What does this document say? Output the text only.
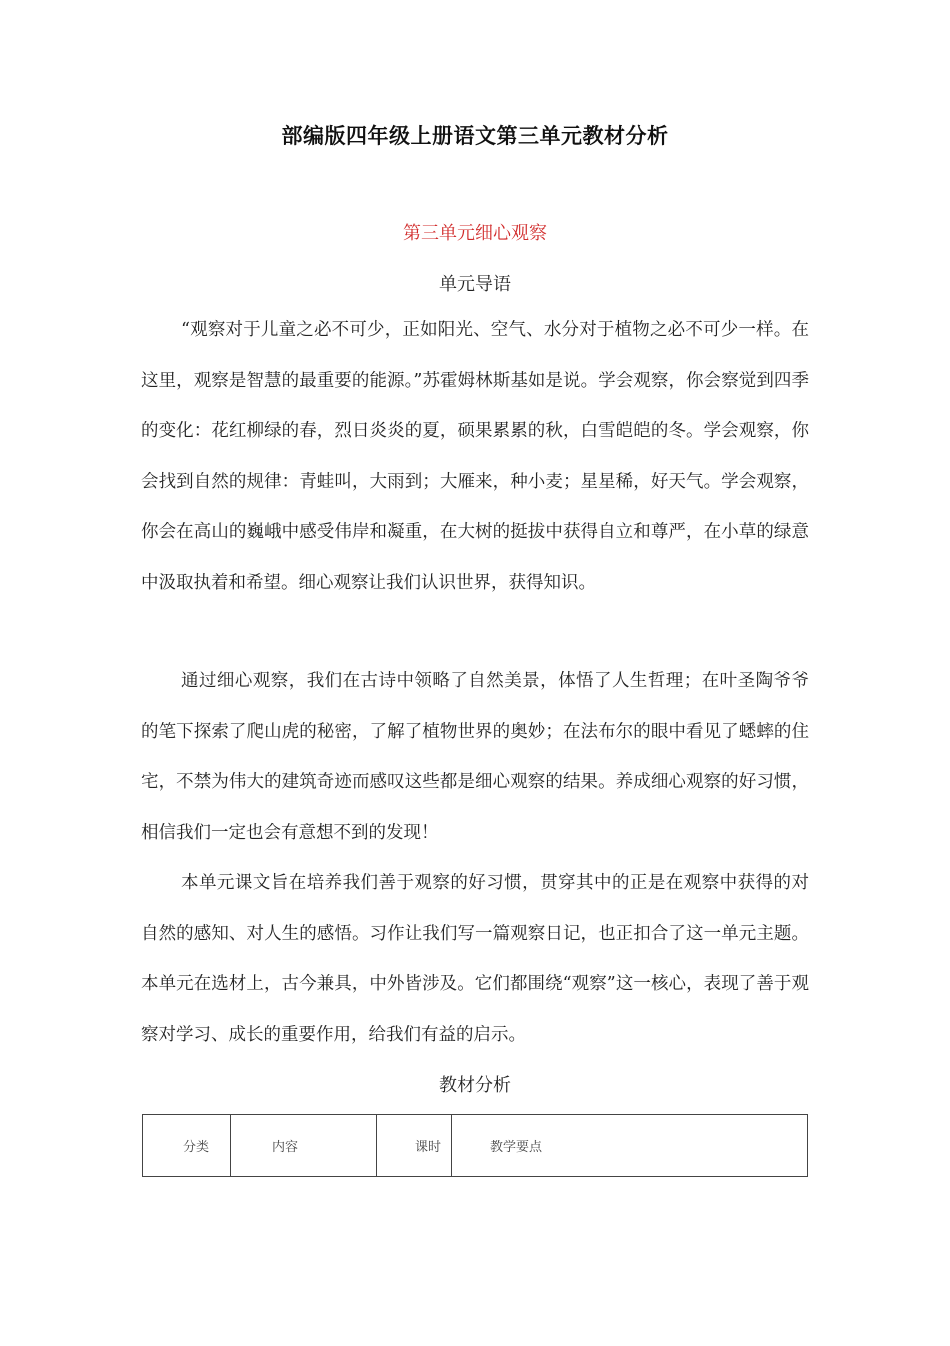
部编版四年级上册语文第三单元教材分析
第三单元细心观察
单元导语

“观察对于儿童之必不可少，正如阳光、空气、水分对于植物之必不可少一样。在这里，观察是智慧的最重要的能源。”苏霍姆林斯基如是说。学会观察，你会察觉到四季的变化：花红柳绿的春，烈日炎炎的夏，硕果累累的秋，白雪皑皑的冬。学会观察，你会找到自然的规律：青蛙叫，大雨到；大雁来，种小麦；星星稀，好天气。学会观察，你会在高山的巍峨中感受伟岸和凝重，在大树的挺拔中获得自立和尊严，在小草的绿意中汲取执着和希望。细心观察让我们认识世界，获得知识。

通过细心观察，我们在古诗中领略了自然美景，体悟了人生哲理；在叶圣陶爷爷的笔下探索了爬山虎的秘密，了解了植物世界的奥妙；在法布尔的眼中看见了蟋蟀的住宅，不禁为伟大的建筑奇迹而感叹这些都是细心观察的结果。养成细心观察的好习惯，相信我们一定也会有意想不到的发现！

本单元课文旨在培养我们善于观察的好习惯，贯穿其中的正是在观察中获得的对自然的感知、对人生的感悟。习作让我们写一篇观察日记，也正扣合了这一单元主题。本单元在选材上，古今兼具，中外皆涉及。它们都围绕“观察”这一核心，表现了善于观察对学习、成长的重要作用，给我们有益的启示。

教材分析
分类	内容	课时	教学要点
